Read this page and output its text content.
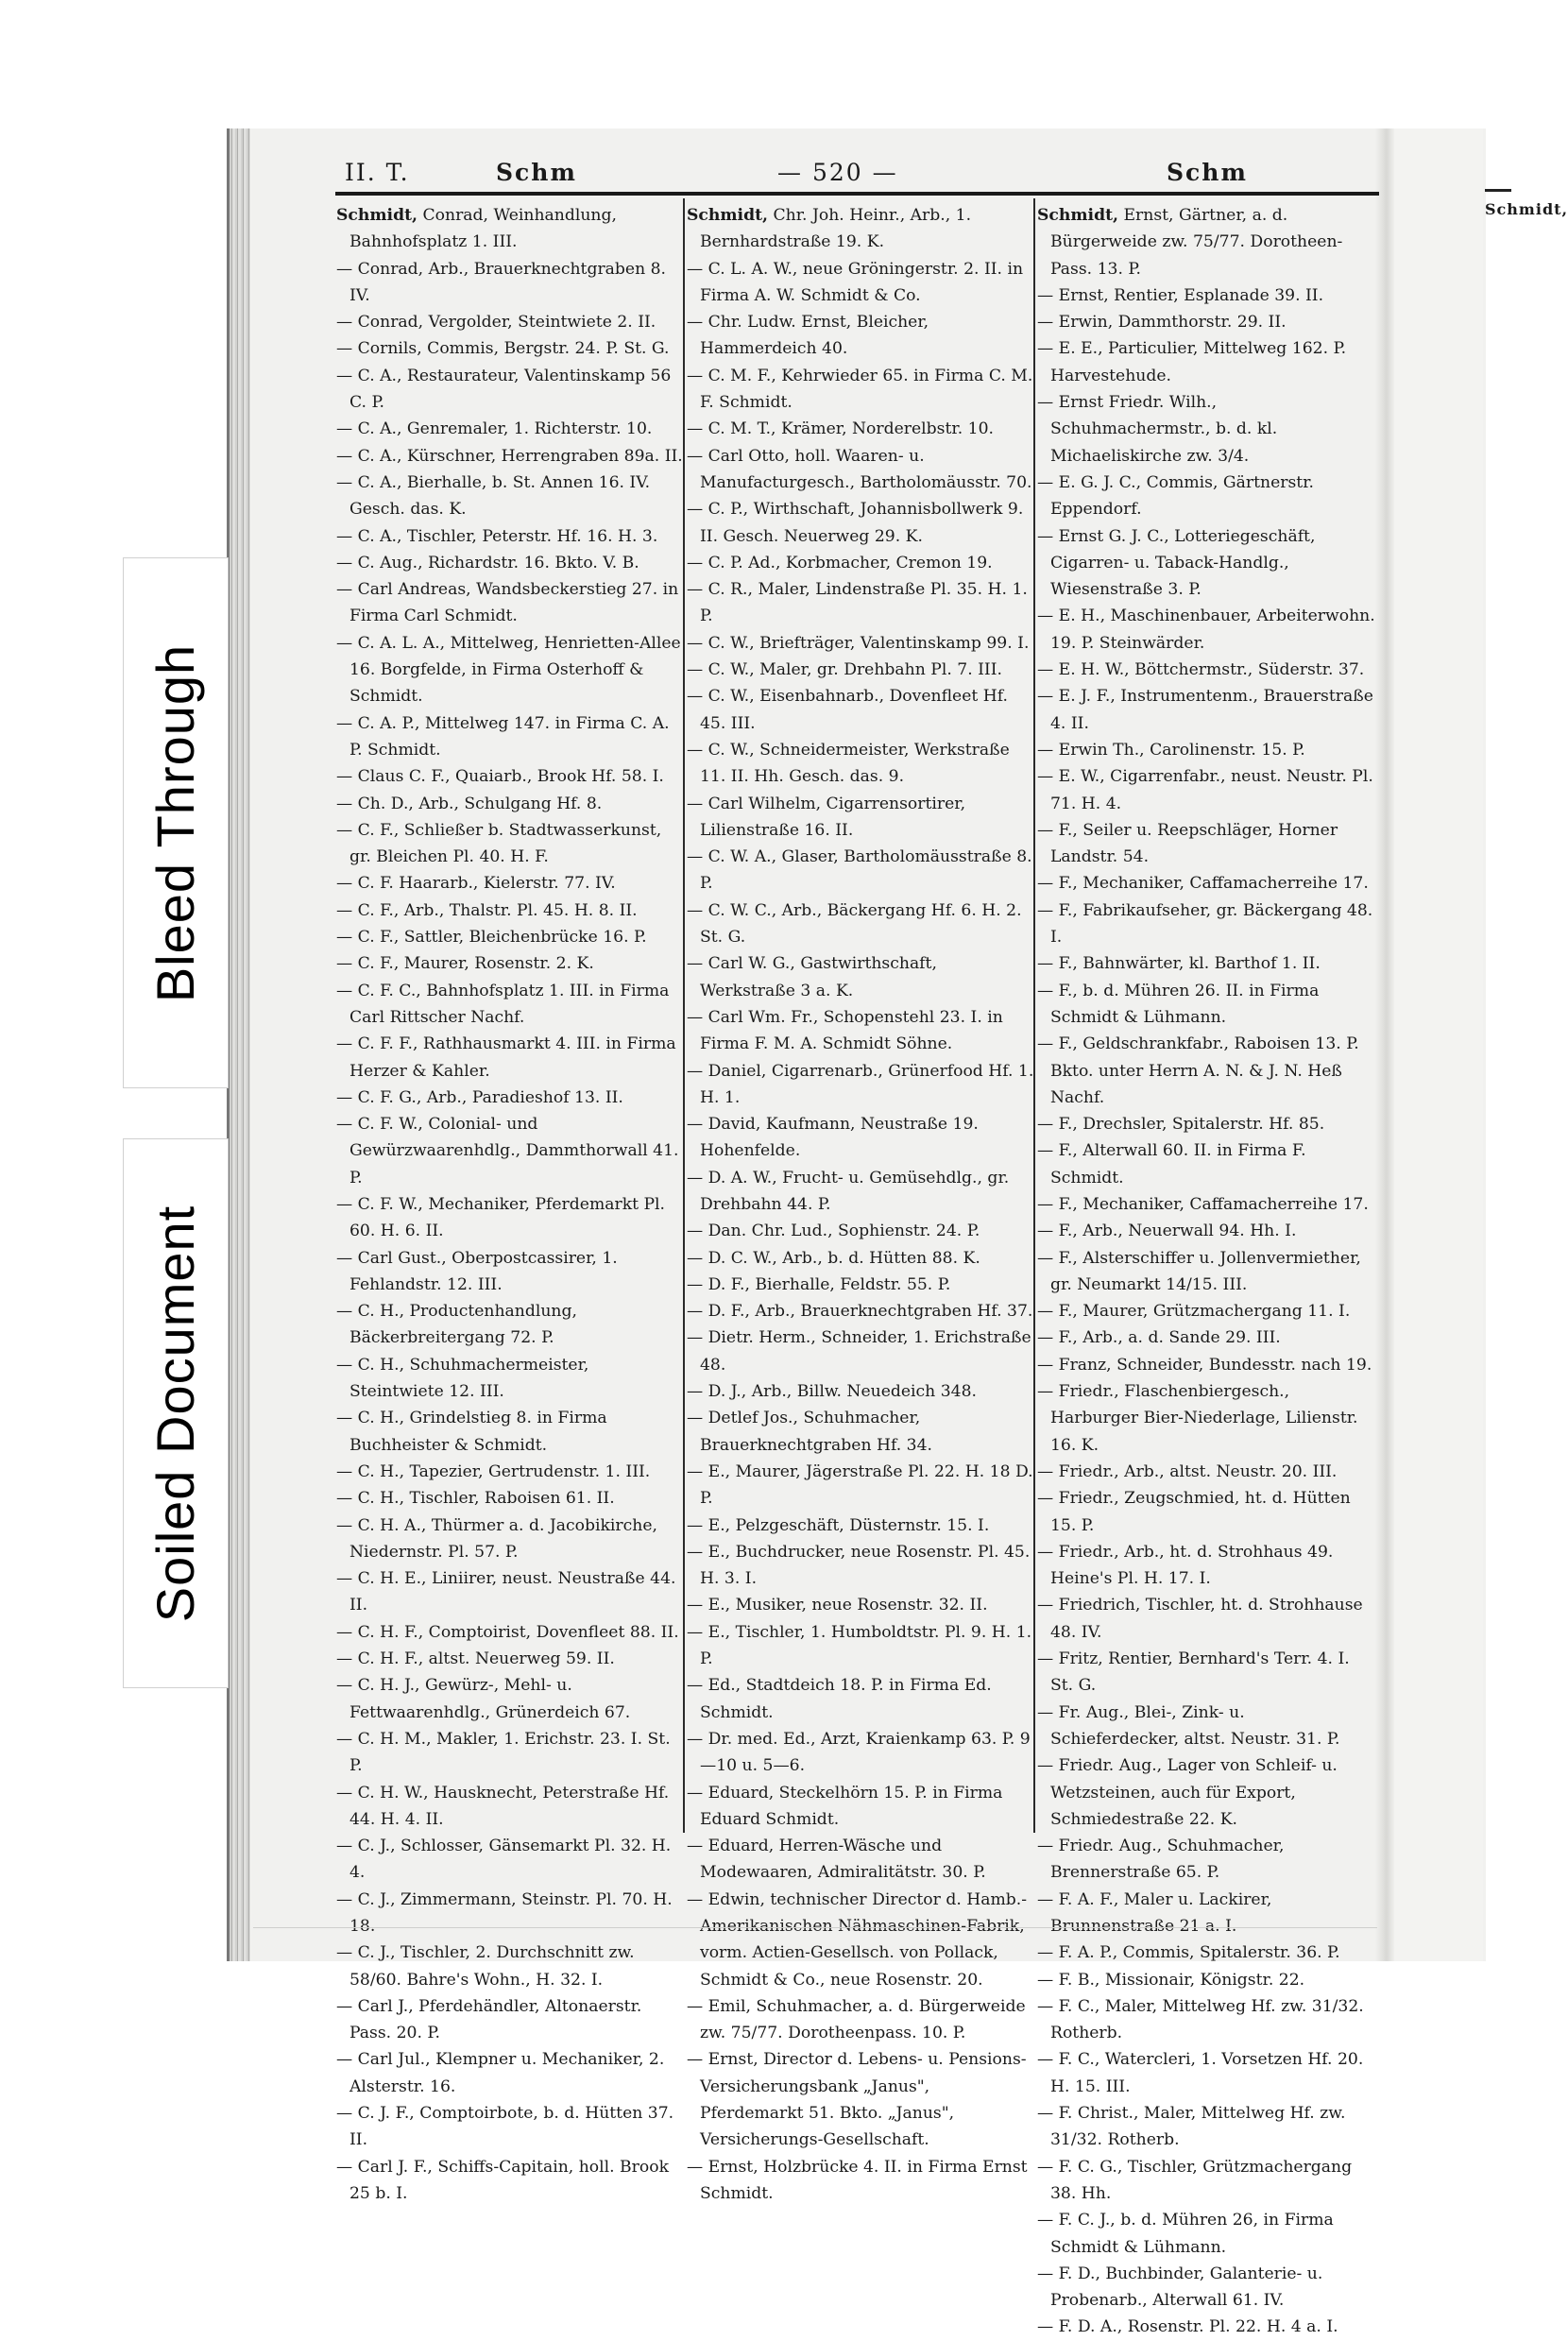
Schmidt,
Bleed Through
Soiled Document
II. T.	Schm	— 520 —	Schm
Schmidt, Conrad, Weinhandlung, Bahnhofsplatz 1. III.
— Conrad, Arb., Brauerknechtgraben 8. IV.
— Conrad, Vergolder, Steintwiete 2. II.
— Cornils, Commis, Bergstr. 24. P. St. G.
— C. A., Restaurateur, Valentinskamp 56 C. P.
— C. A., Genremaler, 1. Richterstr. 10.
— C. A., Kürschner, Herrengraben 89a. II.
— C. A., Bierhalle, b. St. Annen 16. IV. Gesch. das. K.
— C. A., Tischler, Peterstr. Hf. 16. H. 3.
— C. Aug., Richardstr. 16. Bkto. V. B.
— Carl Andreas, Wandsbeckerstieg 27. in Firma Carl Schmidt.
— C. A. L. A., Mittelweg, Henrietten-Allee 16. Borgfelde, in Firma Osterhoff & Schmidt.
— C. A. P., Mittelweg 147. in Firma C. A. P. Schmidt.
— Claus C. F., Quaiarb., Brook Hf. 58. I.
— Ch. D., Arb., Schulgang Hf. 8.
— C. F., Schließer b. Stadtwasserkunst, gr. Bleichen Pl. 40. H. F.
— C. F. Haararb., Kielerstr. 77. IV.
— C. F., Arb., Thalstr. Pl. 45. H. 8. II.
— C. F., Sattler, Bleichenbrücke 16. P.
— C. F., Maurer, Rosenstr. 2. K.
— C. F. C., Bahnhofsplatz 1. III. in Firma Carl Rittscher Nachf.
— C. F. F., Rathhausmarkt 4. III. in Firma Herzer & Kahler.
— C. F. G., Arb., Paradieshof 13. II.
— C. F. W., Colonial- und Gewürzwaarenhdlg., Dammthorwall 41. P.
— C. F. W., Mechaniker, Pferdemarkt Pl. 60. H. 6. II.
— Carl Gust., Oberpostcassirer, 1. Fehlandstr. 12. III.
— C. H., Productenhandlung, Bäckerbreitergang 72. P.
— C. H., Schuhmachermeister, Steintwiete 12. III.
— C. H., Grindelstieg 8. in Firma Buchheister & Schmidt.
— C. H., Tapezier, Gertrudenstr. 1. III.
— C. H., Tischler, Raboisen 61. II.
— C. H. A., Thürmer a. d. Jacobikirche, Niedernstr. Pl. 57. P.
— C. H. E., Liniirer, neust. Neustraße 44. II.
— C. H. F., Comptoirist, Dovenfleet 88. II.
— C. H. F., altst. Neuerweg 59. II.
— C. H. J., Gewürz-, Mehl- u. Fettwaarenhdlg., Grünerdeich 67.
— C. H. M., Makler, 1. Erichstr. 23. I. St. P.
— C. H. W., Hausknecht, Peterstraße Hf. 44. H. 4. II.
— C. J., Schlosser, Gänsemarkt Pl. 32. H. 4.
— C. J., Zimmermann, Steinstr. Pl. 70. H. 18.
— C. J., Tischler, 2. Durchschnitt zw. 58/60. Bahre's Wohn., H. 32. I.
— Carl J., Pferdehändler, Altonaerstr. Pass. 20. P.
— Carl Jul., Klempner u. Mechaniker, 2. Alsterstr. 16.
— C. J. F., Comptoirbote, b. d. Hütten 37. II.
— Carl J. F., Schiffs-Capitain, holl. Brook 25 b. I.
Schmidt, Chr. Joh. Heinr., Arb., 1. Bernhardstraße 19. K.
— C. L. A. W., neue Gröningerstr. 2. II. in Firma A. W. Schmidt & Co.
— Chr. Ludw. Ernst, Bleicher, Hammerdeich 40.
— C. M. F., Kehrwieder 65. in Firma C. M. F. Schmidt.
— C. M. T., Krämer, Norderelbstr. 10.
— Carl Otto, holl. Waaren- u. Manufacturgesch., Bartholomäusstr. 70.
— C. P., Wirthschaft, Johannisbollwerk 9. II. Gesch. Neuerweg 29. K.
— C. P. Ad., Korbmacher, Cremon 19.
— C. R., Maler, Lindenstraße Pl. 35. H. 1. P.
— C. W., Briefträger, Valentinskamp 99. I.
— C. W., Maler, gr. Drehbahn Pl. 7. III.
— C. W., Eisenbahnarb., Dovenfleet Hf. 45. III.
— C. W., Schneidermeister, Werkstraße 11. II. Hh. Gesch. das. 9.
— Carl Wilhelm, Cigarrensortirer, Lilienstraße 16. II.
— C. W. A., Glaser, Bartholomäusstraße 8. P.
— C. W. C., Arb., Bäckergang Hf. 6. H. 2. St. G.
— Carl W. G., Gastwirthschaft, Werkstraße 3 a. K.
— Carl Wm. Fr., Schopenstehl 23. I. in Firma F. M. A. Schmidt Söhne.
— Daniel, Cigarrenarb., Grünerfood Hf. 1. H. 1.
— David, Kaufmann, Neustraße 19. Hohenfelde.
— D. A. W., Frucht- u. Gemüsehdlg., gr. Drehbahn 44. P.
— Dan. Chr. Lud., Sophienstr. 24. P.
— D. C. W., Arb., b. d. Hütten 88. K.
— D. F., Bierhalle, Feldstr. 55. P.
— D. F., Arb., Brauerknechtgraben Hf. 37.
— Dietr. Herm., Schneider, 1. Erichstraße 48.
— D. J., Arb., Billw. Neuedeich 348.
— Detlef Jos., Schuhmacher, Brauerknechtgraben Hf. 34.
— E., Maurer, Jägerstraße Pl. 22. H. 18 D. P.
— E., Pelzgeschäft, Düsternstr. 15. I.
— E., Buchdrucker, neue Rosenstr. Pl. 45. H. 3. I.
— E., Musiker, neue Rosenstr. 32. II.
— E., Tischler, 1. Humboldtstr. Pl. 9. H. 1. P.
— Ed., Stadtdeich 18. P. in Firma Ed. Schmidt.
— Dr. med. Ed., Arzt, Kraienkamp 63. P. 9—10 u. 5—6.
— Eduard, Steckelhörn 15. P. in Firma Eduard Schmidt.
— Eduard, Herren-Wäsche und Modewaaren, Admiralitätstr. 30. P.
— Edwin, technischer Director d. Hamb.-Amerikanischen Nähmaschinen-Fabrik, vorm. Actien-Gesellsch. von Pollack, Schmidt & Co., neue Rosenstr. 20.
— Emil, Schuhmacher, a. d. Bürgerweide zw. 75/77. Dorotheenpass. 10. P.
— Ernst, Director d. Lebens- u. Pensions-Versicherungsbank „Janus", Pferdemarkt 51. Bkto. „Janus", Versicherungs-Gesellschaft.
— Ernst, Holzbrücke 4. II. in Firma Ernst Schmidt.
Schmidt, Ernst, Gärtner, a. d. Bürgerweide zw. 75/77. Dorotheen-Pass. 13. P.
— Ernst, Rentier, Esplanade 39. II.
— Erwin, Dammthorstr. 29. II.
— E. E., Particulier, Mittelweg 162. P. Harvestehude.
— Ernst Friedr. Wilh., Schuhmachermstr., b. d. kl. Michaeliskirche zw. 3/4.
— E. G. J. C., Commis, Gärtnerstr. Eppendorf.
— Ernst G. J. C., Lotteriegeschäft, Cigarren- u. Taback-Handlg., Wiesenstraße 3. P.
— E. H., Maschinenbauer, Arbeiterwohn. 19. P. Steinwärder.
— E. H. W., Böttchermstr., Süderstr. 37.
— E. J. F., Instrumentenm., Brauerstraße 4. II.
— Erwin Th., Carolinenstr. 15. P.
— E. W., Cigarrenfabr., neust. Neustr. Pl. 71. H. 4.
— F., Seiler u. Reepschläger, Horner Landstr. 54.
— F., Mechaniker, Caffamacherreihe 17.
— F., Fabrikaufseher, gr. Bäckergang 48. I.
— F., Bahnwärter, kl. Barthof 1. II.
— F., b. d. Mühren 26. II. in Firma Schmidt & Lühmann.
— F., Geldschrankfabr., Raboisen 13. P. Bkto. unter Herrn A. N. & J. N. Heß Nachf.
— F., Drechsler, Spitalerstr. Hf. 85.
— F., Alterwall 60. II. in Firma F. Schmidt.
— F., Mechaniker, Caffamacherreihe 17.
— F., Arb., Neuerwall 94. Hh. I.
— F., Alsterschiffer u. Jollenvermiether, gr. Neumarkt 14/15. III.
— F., Maurer, Grützmachergang 11. I.
— F., Arb., a. d. Sande 29. III.
— Franz, Schneider, Bundesstr. nach 19.
— Friedr., Flaschenbiergesch., Harburger Bier-Niederlage, Lilienstr. 16. K.
— Friedr., Arb., altst. Neustr. 20. III.
— Friedr., Zeugschmied, ht. d. Hütten 15. P.
— Friedr., Arb., ht. d. Strohhaus 49. Heine's Pl. H. 17. I.
— Friedrich, Tischler, ht. d. Strohhause 48. IV.
— Fritz, Rentier, Bernhard's Terr. 4. I. St. G.
— Fr. Aug., Blei-, Zink- u. Schieferdecker, altst. Neustr. 31. P.
— Friedr. Aug., Lager von Schleif- u. Wetzsteinen, auch für Export, Schmiedestraße 22. K.
— Friedr. Aug., Schuhmacher, Brennerstraße 65. P.
— F. A. F., Maler u. Lackirer, Brunnenstraße 21 a. I.
— F. A. P., Commis, Spitalerstr. 36. P.
— F. B., Missionair, Königstr. 22.
— F. C., Maler, Mittelweg Hf. zw. 31/32. Rotherb.
— F. C., Watercleri, 1. Vorsetzen Hf. 20. H. 15. III.
— F. Christ., Maler, Mittelweg Hf. zw. 31/32. Rotherb.
— F. C. G., Tischler, Grützmachergang 38. Hh.
— F. C. J., b. d. Mühren 26, in Firma Schmidt & Lühmann.
— F. D., Buchbinder, Galanterie- u. Probenarb., Alterwall 61. IV.
— F. D. A., Rosenstr. Pl. 22. H. 4 a. I.
